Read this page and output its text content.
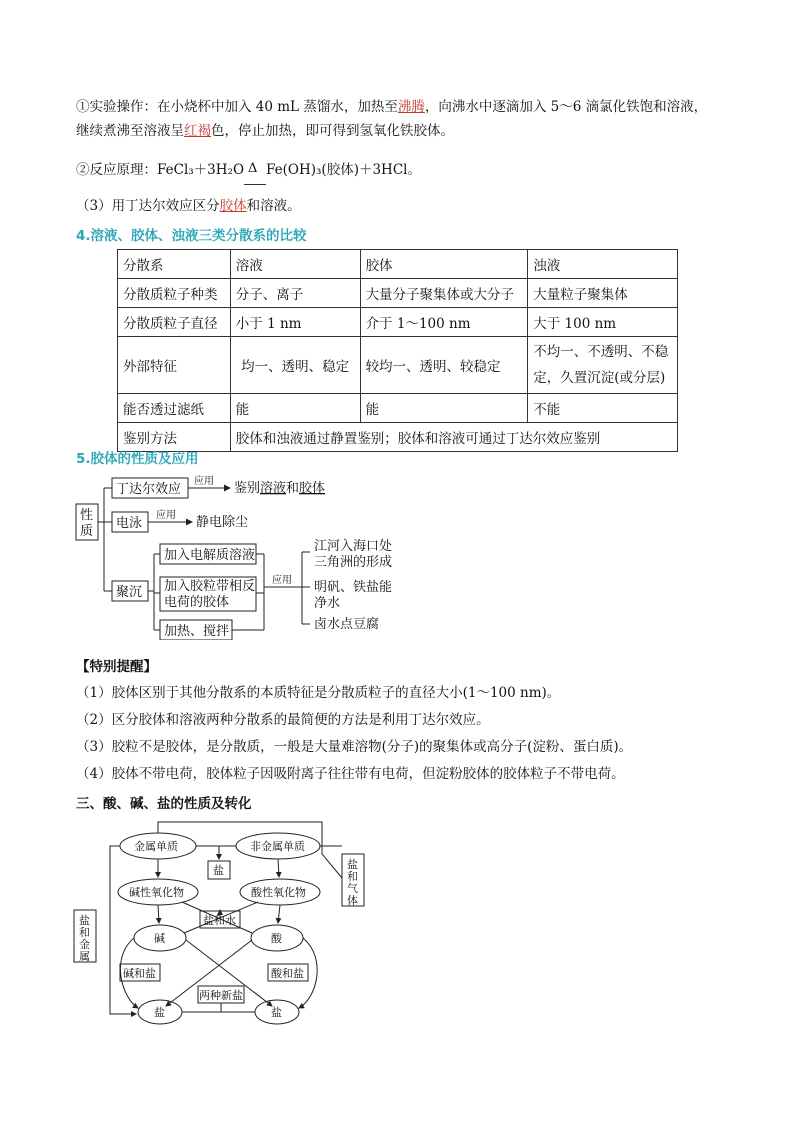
①实验操作：在小烧杯中加入 40 mL 蒸馏水，加热至沸腾，向沸水中逐滴加入 5～6 滴氯化铁饱和溶液，
继续煮沸至溶液呈红褐色，停止加热，即可得到氢氧化铁胶体。
②反应原理：FeCl₃＋3H₂O Δ Fe(OH)₃(胶体)＋3HCl。
（3）用丁达尔效应区分胶体和溶液。
4.溶液、胶体、浊液三类分散系的比较
分散系	溶液	胶体	浊液
分散质粒子种类	分子、离子	大量分子聚集体或大分子	大量粒子聚集体
分散质粒子直径	小于 1 nm	介于 1～100 nm	大于 100 nm
外部特征	均一、透明、稳定	较均一、透明、较稳定	不均一、不透明、不稳定，久置沉淀(或分层)
能否透过滤纸	能	能	不能
鉴别方法	胶体和浊液通过静置鉴别；胶体和溶液可通过丁达尔效应鉴别		
5.胶体的性质及应用
性
质
丁达尔效应
应用 鉴别溶液和胶体
电泳
应用 静电除尘
聚沉
加入电解质溶液
加入胶粒带相反
电荷的胶体
加热、搅拌
应用
江河入海口处
三角洲的形成
明矾、铁盐能
净水
卤水点豆腐
【特别提醒】
（1）胶体区别于其他分散系的本质特征是分散质粒子的直径大小(1～100 nm)。
（2）区分胶体和溶液两种分散系的最简便的方法是利用丁达尔效应。
（3）胶粒不是胶体，是分散质，一般是大量难溶物(分子)的聚集体或高分子(淀粉、蛋白质)。
（4）胶体不带电荷，胶体粒子因吸附离子往往带有电荷，但淀粉胶体的胶体粒子不带电荷。
三、酸、碱、盐的性质及转化
金属单质	非金属单质
盐
碱性氧化物	酸性氧化物
盐和水
碱	酸
碱和盐	酸和盐
两种新盐
盐	盐
盐
和
气
体
盐
和
金
属
